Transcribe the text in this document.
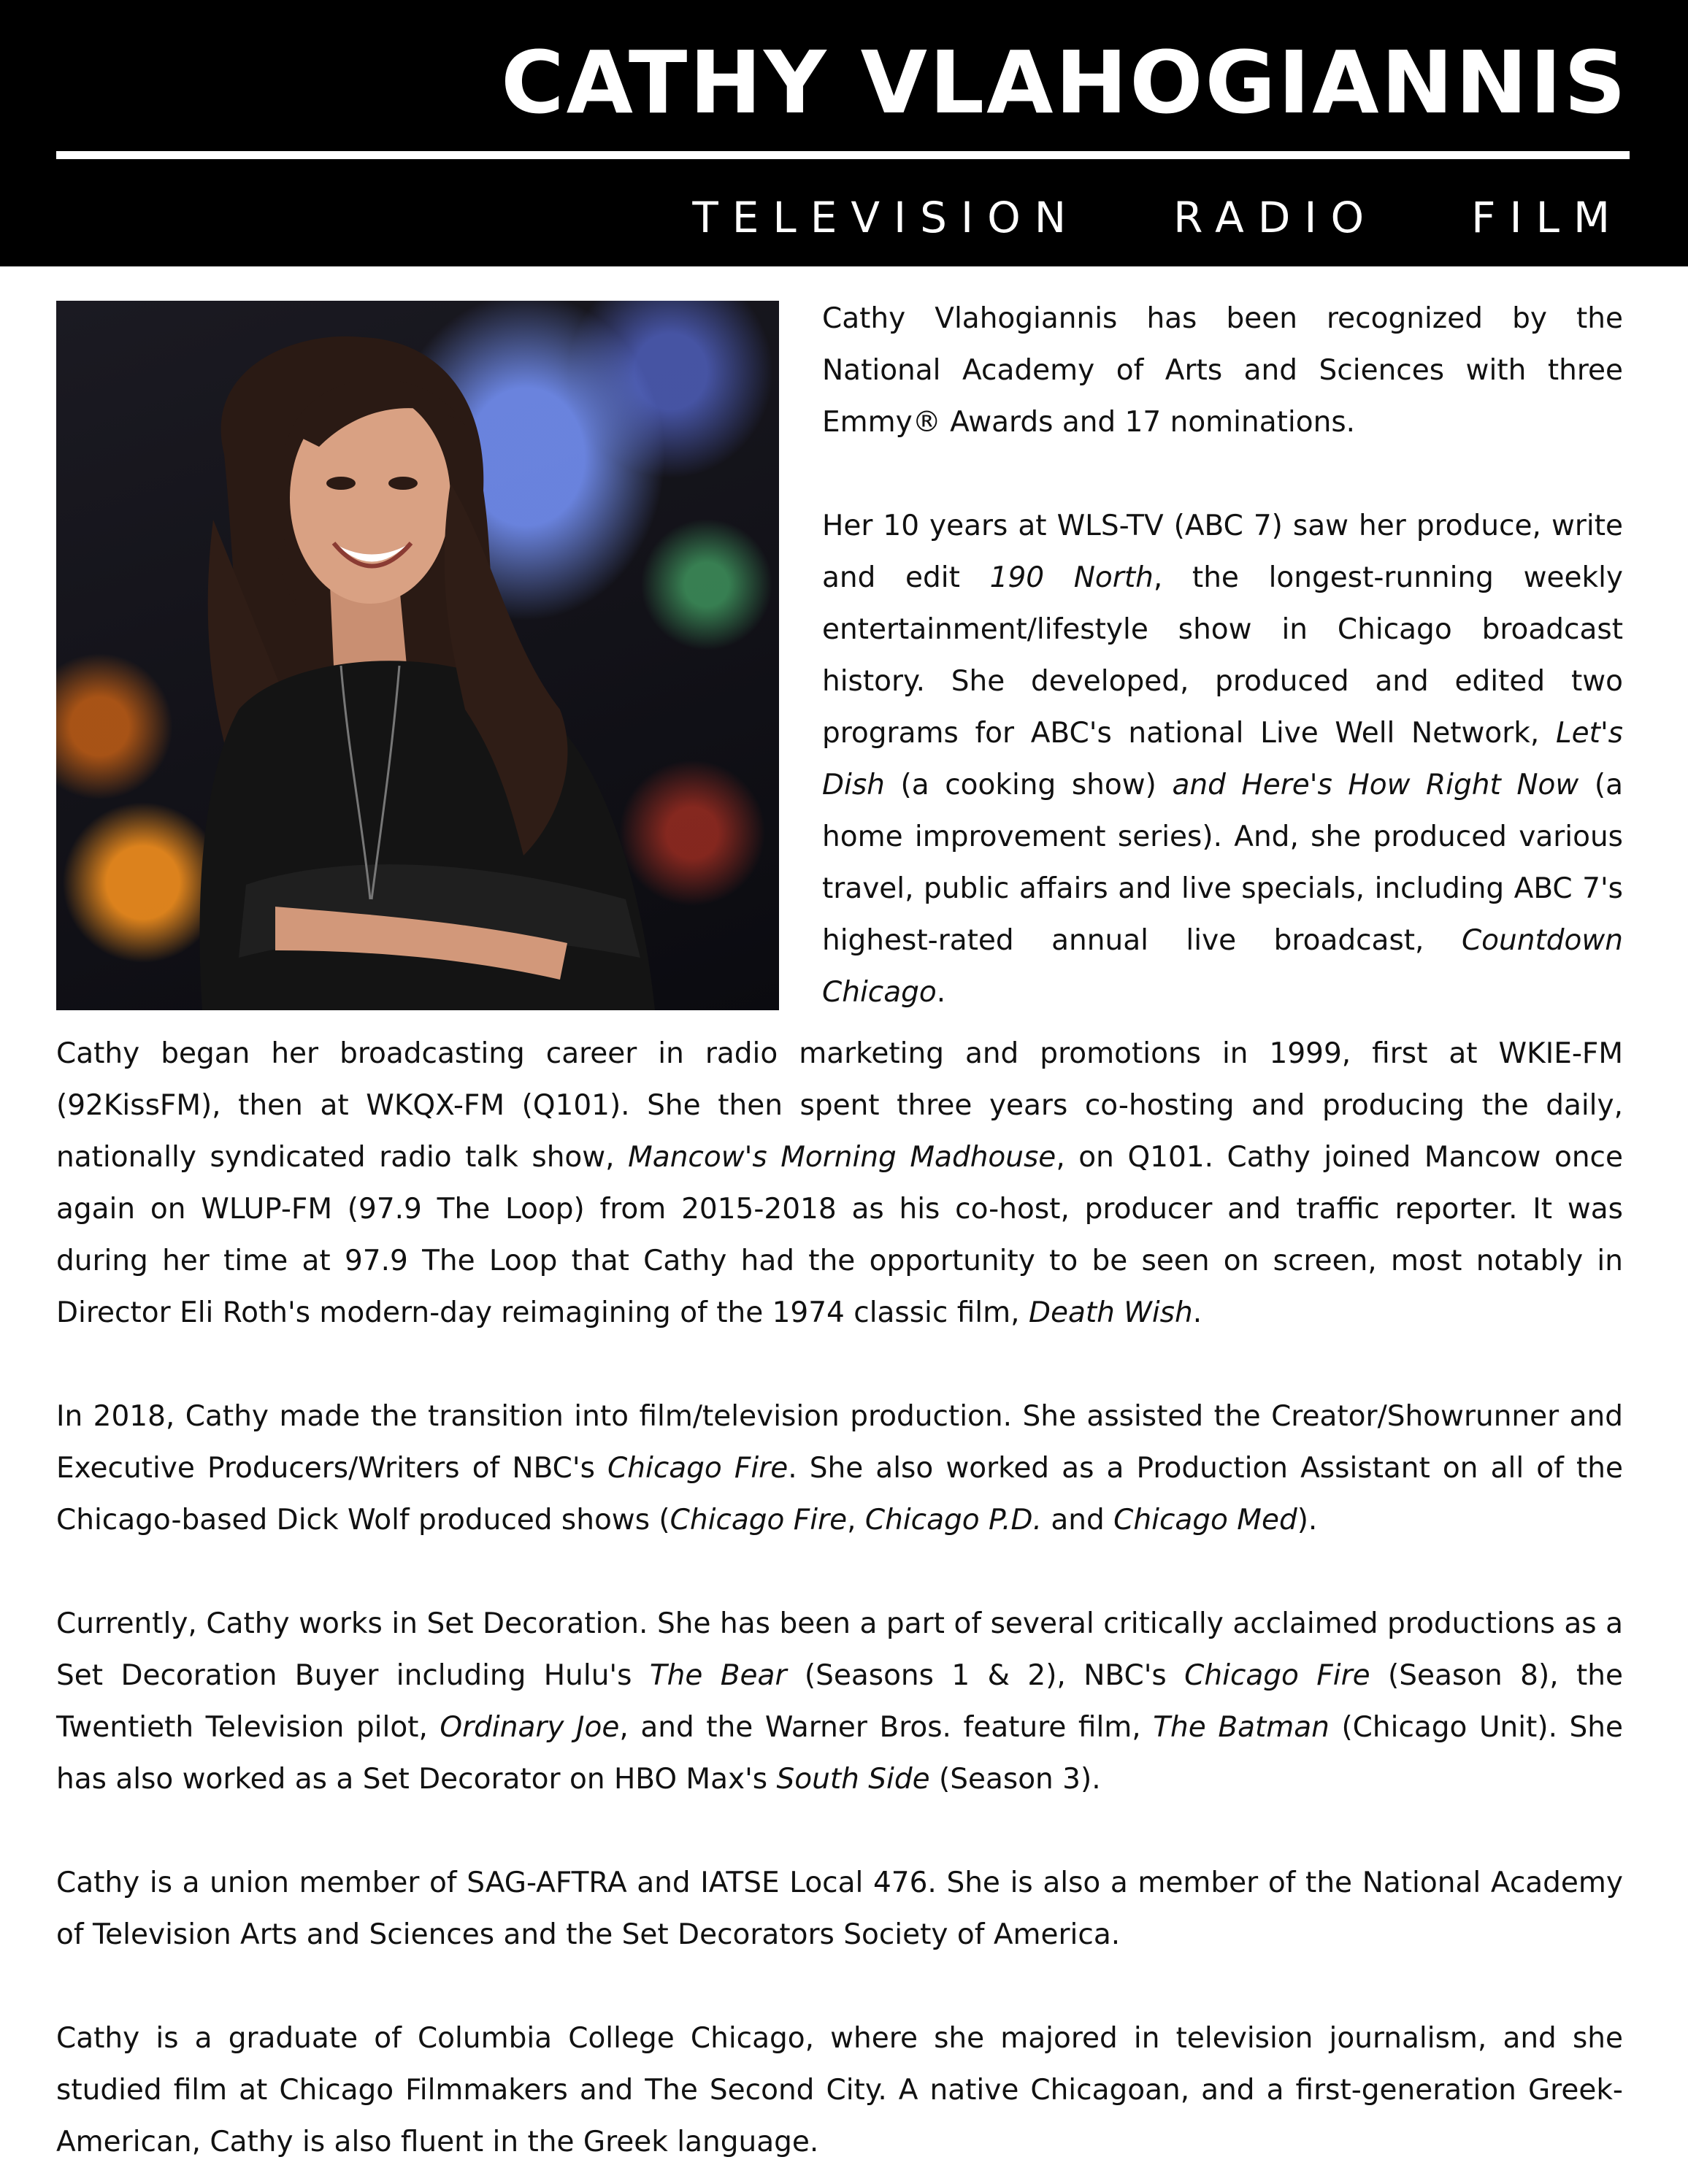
CATHY VLAHOGIANNIS
TELEVISION RADIO FILM

Cathy Vlahogiannis has been recognized by the National Academy of Arts and Sciences with three Emmy® Awards and 17 nominations.

Her 10 years at WLS-TV (ABC 7) saw her produce, write and edit 190 North, the longest-running weekly entertainment/lifestyle show in Chicago broadcast history. She developed, produced and edited two programs for ABC's national Live Well Network, Let's Dish (a cooking show) and Here's How Right Now (a home improvement series). And, she produced various travel, public affairs and live specials, including ABC 7's highest-rated annual live broadcast, Countdown Chicago.

Cathy began her broadcasting career in radio marketing and promotions in 1999, first at WKIE-FM (92KissFM), then at WKQX-FM (Q101). She then spent three years co-hosting and producing the daily, nationally syndicated radio talk show, Mancow's Morning Madhouse, on Q101. Cathy joined Mancow once again on WLUP-FM (97.9 The Loop) from 2015-2018 as his co-host, producer and traffic reporter. It was during her time at 97.9 The Loop that Cathy had the opportunity to be seen on screen, most notably in Director Eli Roth's modern-day reimagining of the 1974 classic film, Death Wish.

In 2018, Cathy made the transition into film/television production. She assisted the Creator/Showrunner and Executive Producers/Writers of NBC's Chicago Fire. She also worked as a Production Assistant on all of the Chicago-based Dick Wolf produced shows (Chicago Fire, Chicago P.D. and Chicago Med).

Currently, Cathy works in Set Decoration. She has been a part of several critically acclaimed productions as a Set Decoration Buyer including Hulu's The Bear (Seasons 1 & 2), NBC's Chicago Fire (Season 8), the Twentieth Television pilot, Ordinary Joe, and the Warner Bros. feature film, The Batman (Chicago Unit). She has also worked as a Set Decorator on HBO Max's South Side (Season 3).

Cathy is a union member of SAG-AFTRA and IATSE Local 476. She is also a member of the National Academy of Television Arts and Sciences and the Set Decorators Society of America.

Cathy is a graduate of Columbia College Chicago, where she majored in television journalism, and she studied film at Chicago Filmmakers and The Second City. A native Chicagoan, and a first-generation Greek-American, Cathy is also fluent in the Greek language.
